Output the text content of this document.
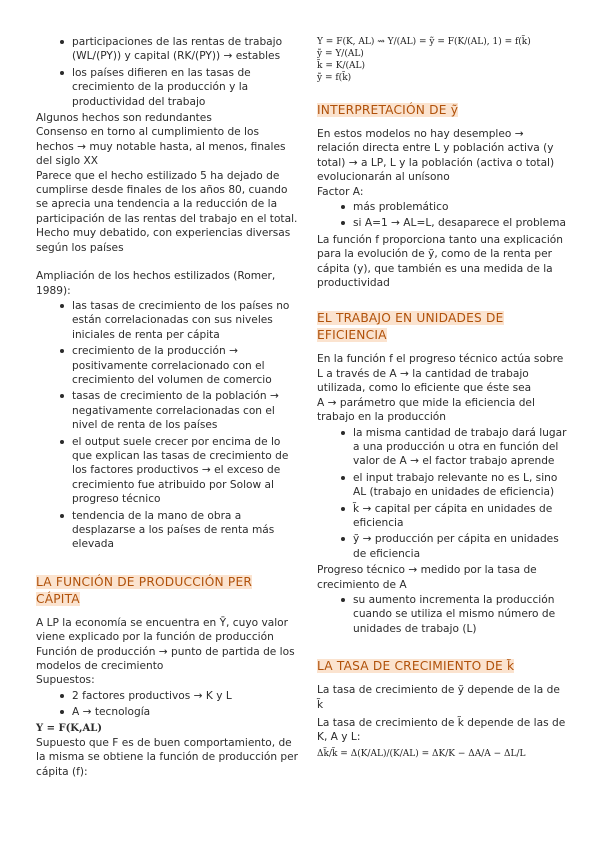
participaciones de las rentas de trabajo (WL/(PY)) y capital (RK/(PY)) → estables
los países difieren en las tasas de crecimiento de la producción y la productividad del trabajo

Algunos hechos son redundantes

Consenso en torno al cumplimiento de los hechos → muy notable hasta, al menos, finales del siglo XX

Parece que el hecho estilizado 5 ha dejado de cumplirse desde finales de los años 80, cuando se aprecia una tendencia a la reducción de la participación de las rentas del trabajo en el total. Hecho muy debatido, con experiencias diversas según los países

Ampliación de los hechos estilizados (Romer, 1989):

las tasas de crecimiento de los países no están correlacionadas con sus niveles iniciales de renta per cápita
crecimiento de la producción → positivamente correlacionado con el crecimiento del volumen de comercio
tasas de crecimiento de la población → negativamente correlacionadas con el nivel de renta de los países
el output suele crecer por encima de lo que explican las tasas de crecimiento de los factores productivos → el exceso de crecimiento fue atribuido por Solow al progreso técnico
tendencia de la mano de obra a desplazarse a los países de renta más elevada
LA FUNCIÓN DE PRODUCCIÓN PER CÁPITA

A LP la economía se encuentra en Ȳ, cuyo valor viene explicado por la función de producción

Función de producción → punto de partida de los modelos de crecimiento

Supuestos:

2 factores productivos → K y L
A → tecnología

Y = F(K,AL)

Supuesto que F es de buen comportamiento, de la misma se obtiene la función de producción per cápita (f):

Y = F(K, AL) ⇝ Y/(AL) = ỹ = F(K/(AL), 1) = f(k̃)
ỹ = Y/(AL)
k̃ = K/(AL)
ỹ = f(k̃)
INTERPRETACIÓN DE ỹ

En estos modelos no hay desempleo → relación directa entre L y población activa (y total) → a LP, L y la población (activa o total) evolucionarán al unísono

Factor A:

más problemático
si A=1 → AL=L, desaparece el problema

La función f proporciona tanto una explicación para la evolución de ỹ, como de la renta per cápita (y), que también es una medida de la productividad

EL TRABAJO EN UNIDADES DE EFICIENCIA

En la función f el progreso técnico actúa sobre L a través de A → la cantidad de trabajo utilizada, como lo eficiente que éste sea

A → parámetro que mide la eficiencia del trabajo en la producción

la misma cantidad de trabajo dará lugar a una producción u otra en función del valor de A → el factor trabajo aprende
el input trabajo relevante no es L, sino AL (trabajo en unidades de eficiencia)
k̃ → capital per cápita en unidades de eficiencia
ỹ → producción per cápita en unidades de eficiencia

Progreso técnico → medido por la tasa de crecimiento de A

su aumento incrementa la producción cuando se utiliza el mismo número de unidades de trabajo (L)
LA TASA DE CRECIMIENTO DE k̃

La tasa de crecimiento de ỹ depende de la de k̃

La tasa de crecimiento de k̃ depende de las de K, A y L:

Δk̃/k̃ = Δ(K/AL)/(K/AL) = ΔK/K − ΔA/A − ΔL/L
